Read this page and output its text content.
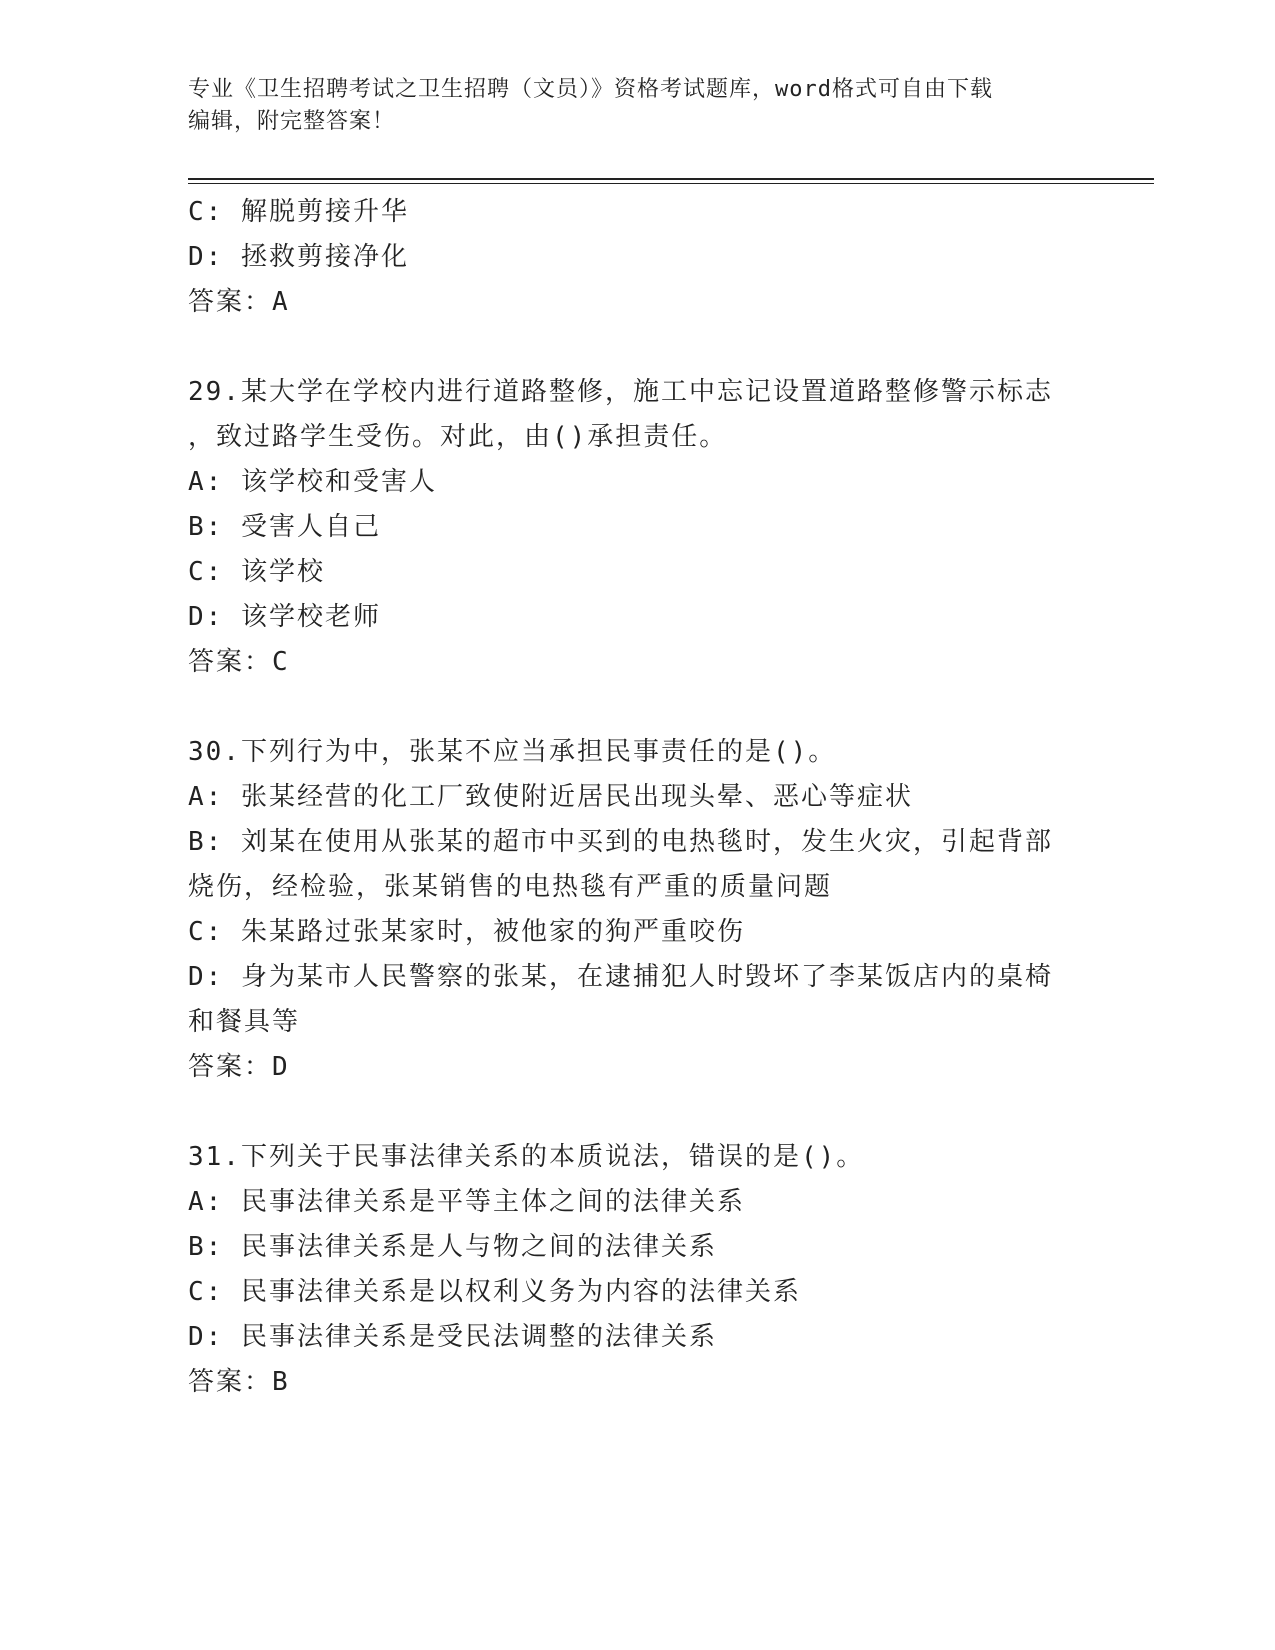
专业《卫生招聘考试之卫生招聘（文员）》资格考试题库，word格式可自由下载
编辑，附完整答案！
C: 解脱剪接升华
D: 拯救剪接净化
答案：A
29.某大学在学校内进行道路整修，施工中忘记设置道路整修警示标志
，致过路学生受伤。对此，由()承担责任。
A: 该学校和受害人
B: 受害人自己
C: 该学校
D: 该学校老师
答案：C
30.下列行为中，张某不应当承担民事责任的是()。
A: 张某经营的化工厂致使附近居民出现头晕、恶心等症状
B: 刘某在使用从张某的超市中买到的电热毯时，发生火灾，引起背部
烧伤，经检验，张某销售的电热毯有严重的质量问题
C: 朱某路过张某家时，被他家的狗严重咬伤
D: 身为某市人民警察的张某，在逮捕犯人时毁坏了李某饭店内的桌椅
和餐具等
答案：D
31.下列关于民事法律关系的本质说法，错误的是()。
A: 民事法律关系是平等主体之间的法律关系
B: 民事法律关系是人与物之间的法律关系
C: 民事法律关系是以权利义务为内容的法律关系
D: 民事法律关系是受民法调整的法律关系
答案：B
